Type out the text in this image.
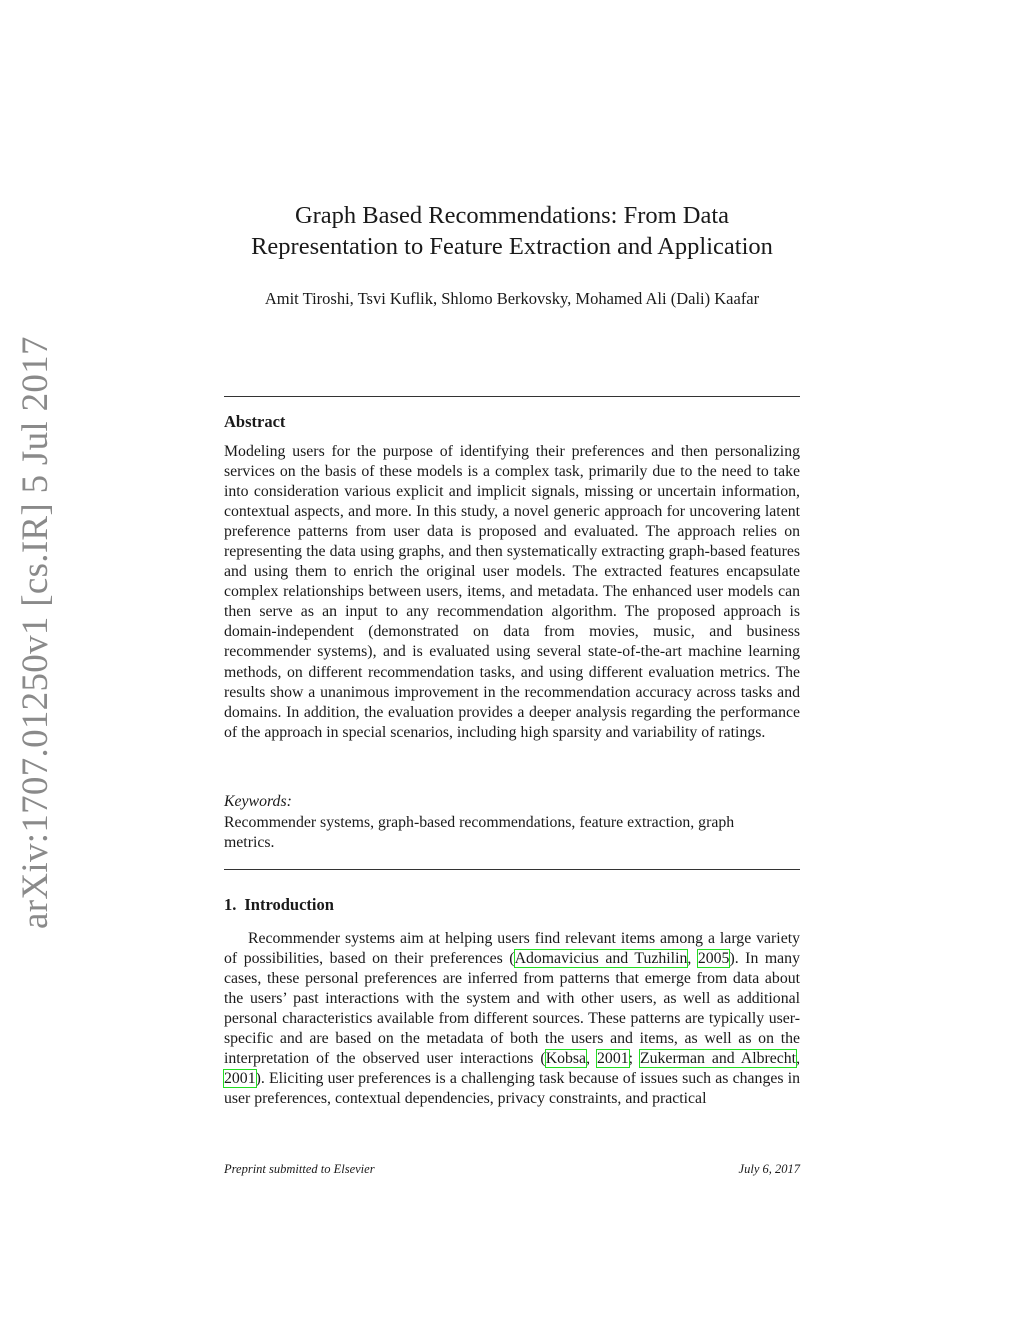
arXiv:1707.01250v1 [cs.IR] 5 Jul 2017
Graph Based Recommendations: From Data
Representation to Feature Extraction and Application
Amit Tiroshi, Tsvi Kuflik, Shlomo Berkovsky, Mohamed Ali (Dali) Kaafar
Abstract
Modeling users for the purpose of identifying their preferences and then personalizing services on the basis of these models is a complex task, primarily due to the need to take into consideration various explicit and implicit signals, missing or uncertain information, contextual aspects, and more. In this study, a novel generic approach for uncovering latent preference patterns from user data is proposed and evaluated. The approach relies on representing the data using graphs, and then systematically extracting graph-based features and using them to enrich the original user models. The extracted features encapsulate complex relationships between users, items, and metadata. The enhanced user models can then serve as an input to any recommendation algorithm. The proposed approach is domain-independent (demonstrated on data from movies, music, and business recommender systems), and is evaluated using several state-of-the-art machine learning methods, on different recommendation tasks, and using different evaluation metrics. The results show a unanimous improvement in the recommendation accuracy across tasks and domains. In addition, the evaluation provides a deeper analysis regarding the performance of the approach in special scenarios, including high sparsity and variability of ratings.
Keywords:
Recommender systems, graph-based recommendations, feature extraction, graph metrics.
1. Introduction
Recommender systems aim at helping users find relevant items among a large variety of possibilities, based on their preferences (Adomavicius and Tuzhilin, 2005). In many cases, these personal preferences are inferred from patterns that emerge from data about the users’ past interactions with the system and with other users, as well as additional personal characteristics available from different sources. These patterns are typically user-specific and are based on the metadata of both the users and items, as well as on the interpretation of the observed user interactions (Kobsa, 2001; Zukerman and Albrecht, 2001). Eliciting user preferences is a challenging task because of issues such as changes in user preferences, contextual dependencies, privacy constraints, and practical
Preprint submitted to Elsevier	July 6, 2017
